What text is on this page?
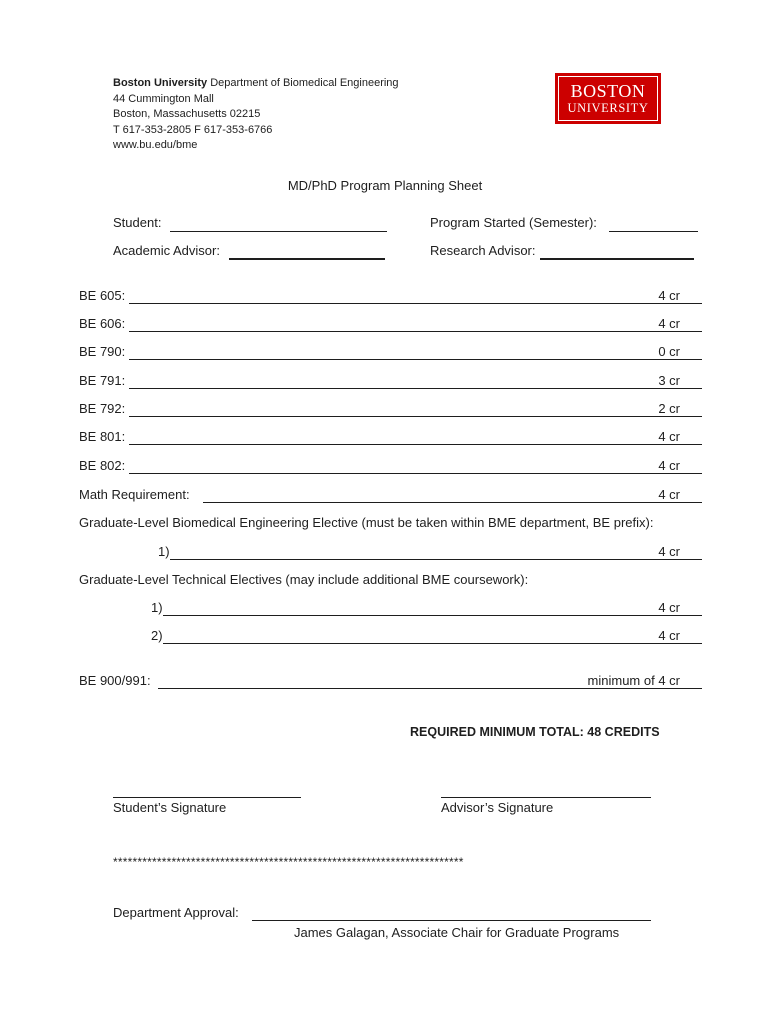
Boston University Department of Biomedical Engineering
44 Cummington Mall
Boston, Massachusetts 02215
T 617-353-2805 F 617-353-6766
www.bu.edu/bme
BOSTON
UNIVERSITY
MD/PhD Program Planning Sheet
Student:	Program Started (Semester):
Academic Advisor:	Research Advisor:
BE 605:	4 cr
BE 606:	4 cr
BE 790:	0 cr
BE 791:	3 cr
BE 792:	2 cr
BE 801:	4 cr
BE 802:	4 cr
Math Requirement:	4 cr
Graduate-Level Biomedical Engineering Elective (must be taken within BME department, BE prefix):
1)	4 cr
Graduate-Level Technical Electives (may include additional BME coursework):
1)	4 cr
2)	4 cr
BE 900/991:	minimum of 4 cr
REQUIRED MINIMUM TOTAL: 48 CREDITS
Student’s Signature	Advisor’s Signature
************************************************************************
Department Approval:
James Galagan, Associate Chair for Graduate Programs
